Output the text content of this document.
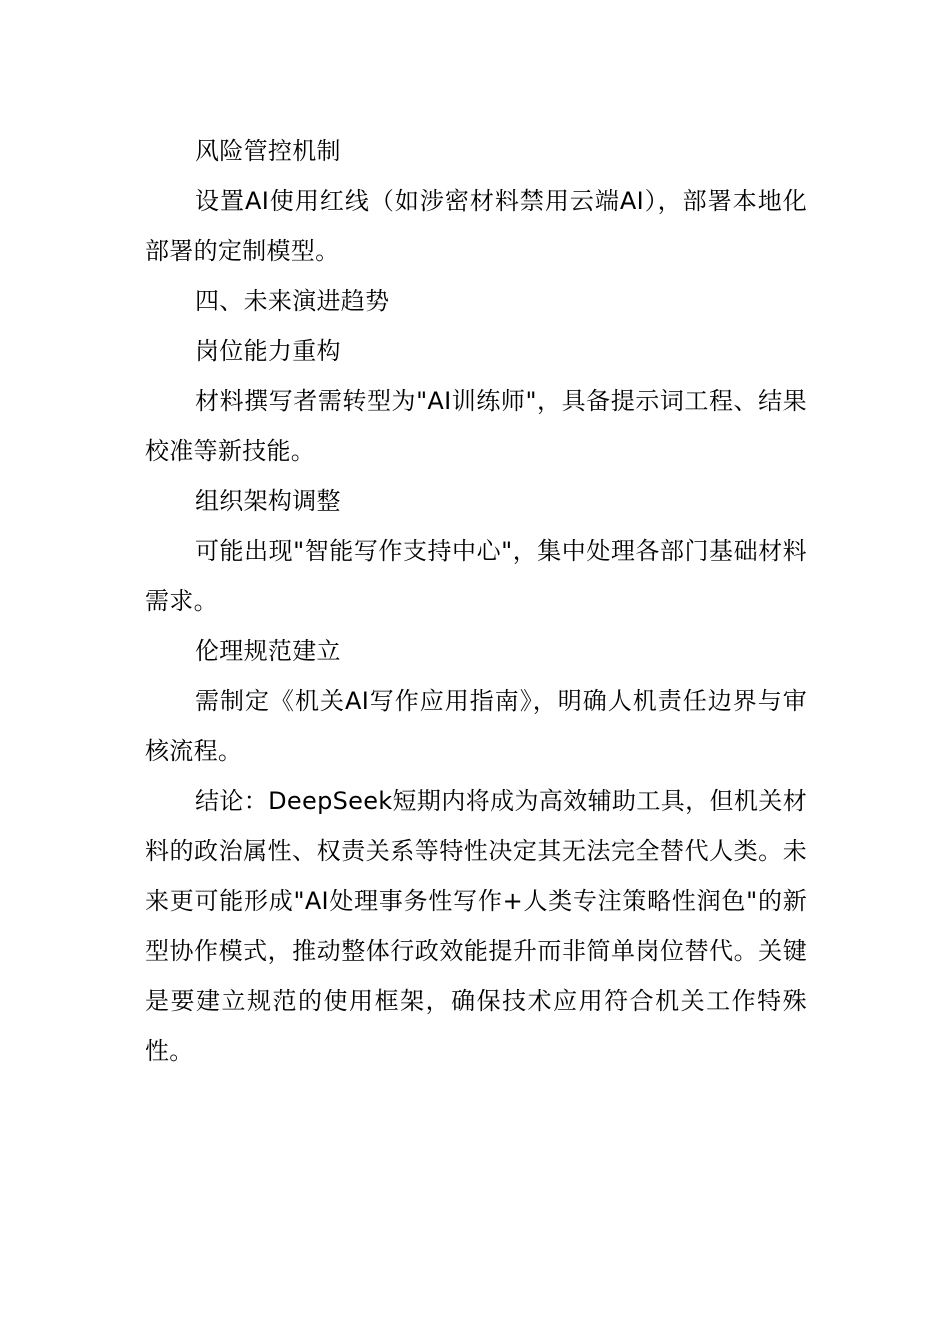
风险管控机制

设置AI使用红线（如涉密材料禁用云端AI），部署本地化部署的定制模型。

四、未来演进趋势

岗位能力重构

材料撰写者需转型为"AI训练师"，具备提示词工程、结果校准等新技能。

组织架构调整

可能出现"智能写作支持中心"，集中处理各部门基础材料需求。

伦理规范建立

需制定《机关AI写作应用指南》，明确人机责任边界与审核流程。

结论：DeepSeek短期内将成为高效辅助工具，但机关材料的政治属性、权责关系等特性决定其无法完全替代人类。未来更可能形成"AI处理事务性写作+人类专注策略性润色"的新型协作模式，推动整体行政效能提升而非简单岗位替代。关键是要建立规范的使用框架，确保技术应用符合机关工作特殊性。
